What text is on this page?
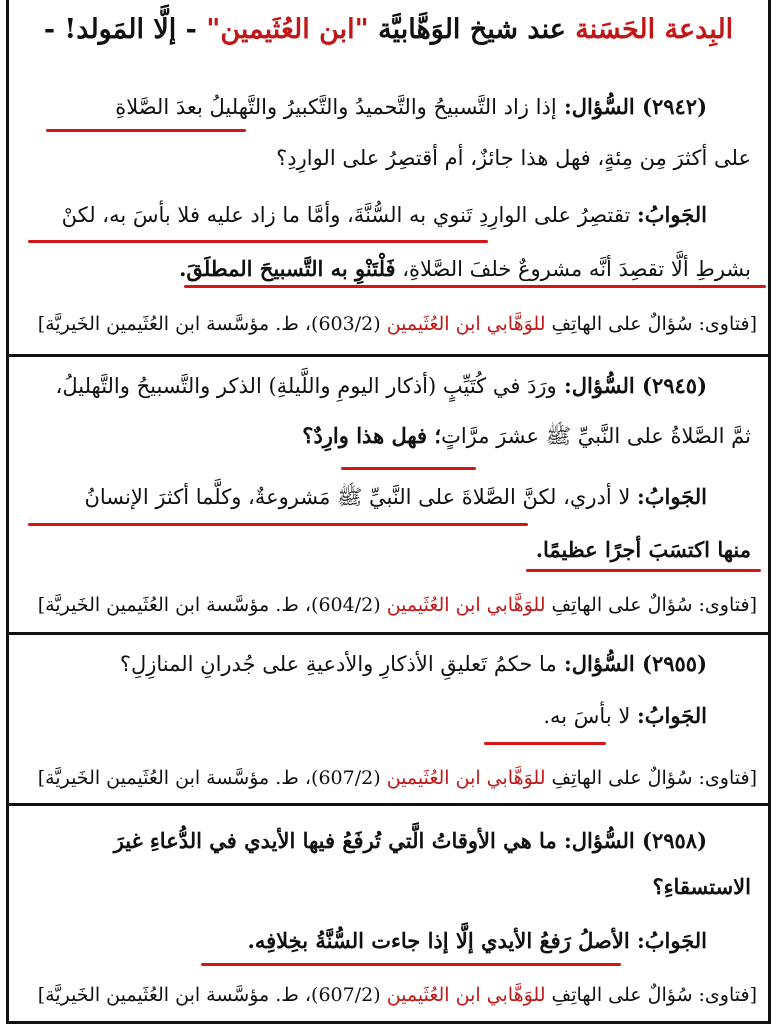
البِدعة الحَسَنة عند شيخ الوَهَّابيَّة "ابن العُثَيمين" - إلَّا المَولد! -
(٢٩٤٢) السُّؤال: إذا زاد التَّسبيحُ والتَّحميدُ والتَّكبيرُ والتَّهليلُ بعدَ الصَّلاةِ
على أكثرَ مِن مِئةٍ، فهل هذا جائزٌ، أم أقتصِرُ على الوارِدِ؟
الجَوابُ: تقتصِرُ على الوارِدِ تَنوي به السُّنَّةَ، وأمَّا ما زاد عليه فلا بأسَ به، لكنْ
بشرطِ ألَّا تقصِدَ أنَّه مشروعٌ خلفَ الصَّلاةِ، فَلْتَنْوِ به التَّسبيحَ المطلَقَ.
[فتاوى: سُؤالٌ على الهاتِفِ للوَهَّابي ابن العُثَيمين (603/2)، ط. مؤسَّسة ابن العُثَيمين الخَيريَّة]
(٢٩٤٥) السُّؤال: ورَدَ في كُتَيِّبٍ (أذكار اليومِ واللَّيلةِ) الذكر والتَّسبيحُ والتَّهليلُ،
ثمَّ الصَّلاةُ على النَّبيِّ ﷺ عشرَ مرَّاتٍ؛ فهل هذا وارِدٌ؟
الجَوابُ: لا أدري، لكنَّ الصَّلاةَ على النَّبيِّ ﷺ مَشروعةٌ، وكلَّما أكثرَ الإنسانُ
منها اكتسَبَ أجرًا عظيمًا.
[فتاوى: سُؤالٌ على الهاتِفِ للوَهَّابي ابن العُثَيمين (604/2)، ط. مؤسَّسة ابن العُثَيمين الخَيريَّة]
(٢٩٥٥) السُّؤال: ما حكمُ تَعليقِ الأذكارِ والأدعيةِ على جُدرانِ المنازِلِ؟
الجَوابُ: لا بأسَ به.
[فتاوى: سُؤالٌ على الهاتِفِ للوَهَّابي ابن العُثَيمين (607/2)، ط. مؤسَّسة ابن العُثَيمين الخَيريَّة]
(٢٩٥٨) السُّؤال: ما هي الأوقاتُ الَّتي تُرفَعُ فيها الأيدي في الدُّعاءِ غيرَ
الاستسقاءِ؟
الجَوابُ: الأصلُ رَفعُ الأيدي إلَّا إذا جاءت السُّنَّةُ بخِلافِه.
[فتاوى: سُؤالٌ على الهاتِفِ للوَهَّابي ابن العُثَيمين (607/2)، ط. مؤسَّسة ابن العُثَيمين الخَيريَّة]
